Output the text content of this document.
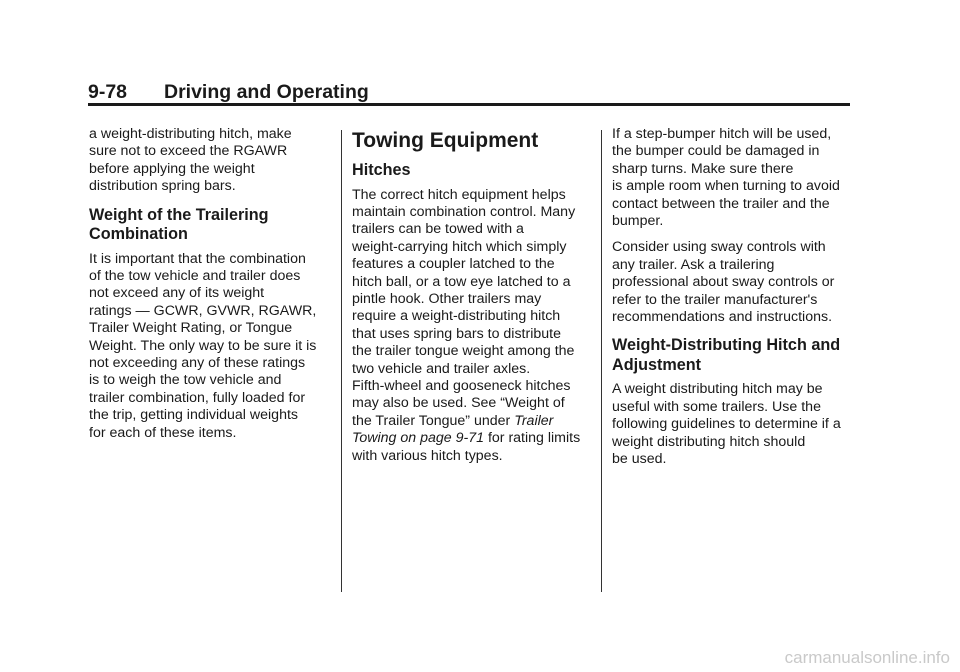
9-78 Driving and Operating

a weight-distributing hitch, make
sure not to exceed the RGAWR
before applying the weight
distribution spring bars.

Weight of the Trailering
Combination

It is important that the combination
of the tow vehicle and trailer does
not exceed any of its weight
ratings — GCWR, GVWR, RGAWR,
Trailer Weight Rating, or Tongue
Weight. The only way to be sure it is
not exceeding any of these ratings
is to weigh the tow vehicle and
trailer combination, fully loaded for
the trip, getting individual weights
for each of these items.

Towing Equipment
Hitches

The correct hitch equipment helps
maintain combination control. Many
trailers can be towed with a
weight-carrying hitch which simply
features a coupler latched to the
hitch ball, or a tow eye latched to a
pintle hook. Other trailers may
require a weight-distributing hitch
that uses spring bars to distribute
the trailer tongue weight among the
two vehicle and trailer axles.
Fifth-wheel and gooseneck hitches
may also be used. See “Weight of
the Trailer Tongue” under Trailer
Towing on page 9-71 for rating limits
with various hitch types.

If a step-bumper hitch will be used,
the bumper could be damaged in
sharp turns. Make sure there
is ample room when turning to avoid
contact between the trailer and the
bumper.

Consider using sway controls with
any trailer. Ask a trailering
professional about sway controls or
refer to the trailer manufacturer's
recommendations and instructions.

Weight-Distributing Hitch and
Adjustment

A weight distributing hitch may be
useful with some trailers. Use the
following guidelines to determine if a
weight distributing hitch should
be used.

carmanualsonline.info
